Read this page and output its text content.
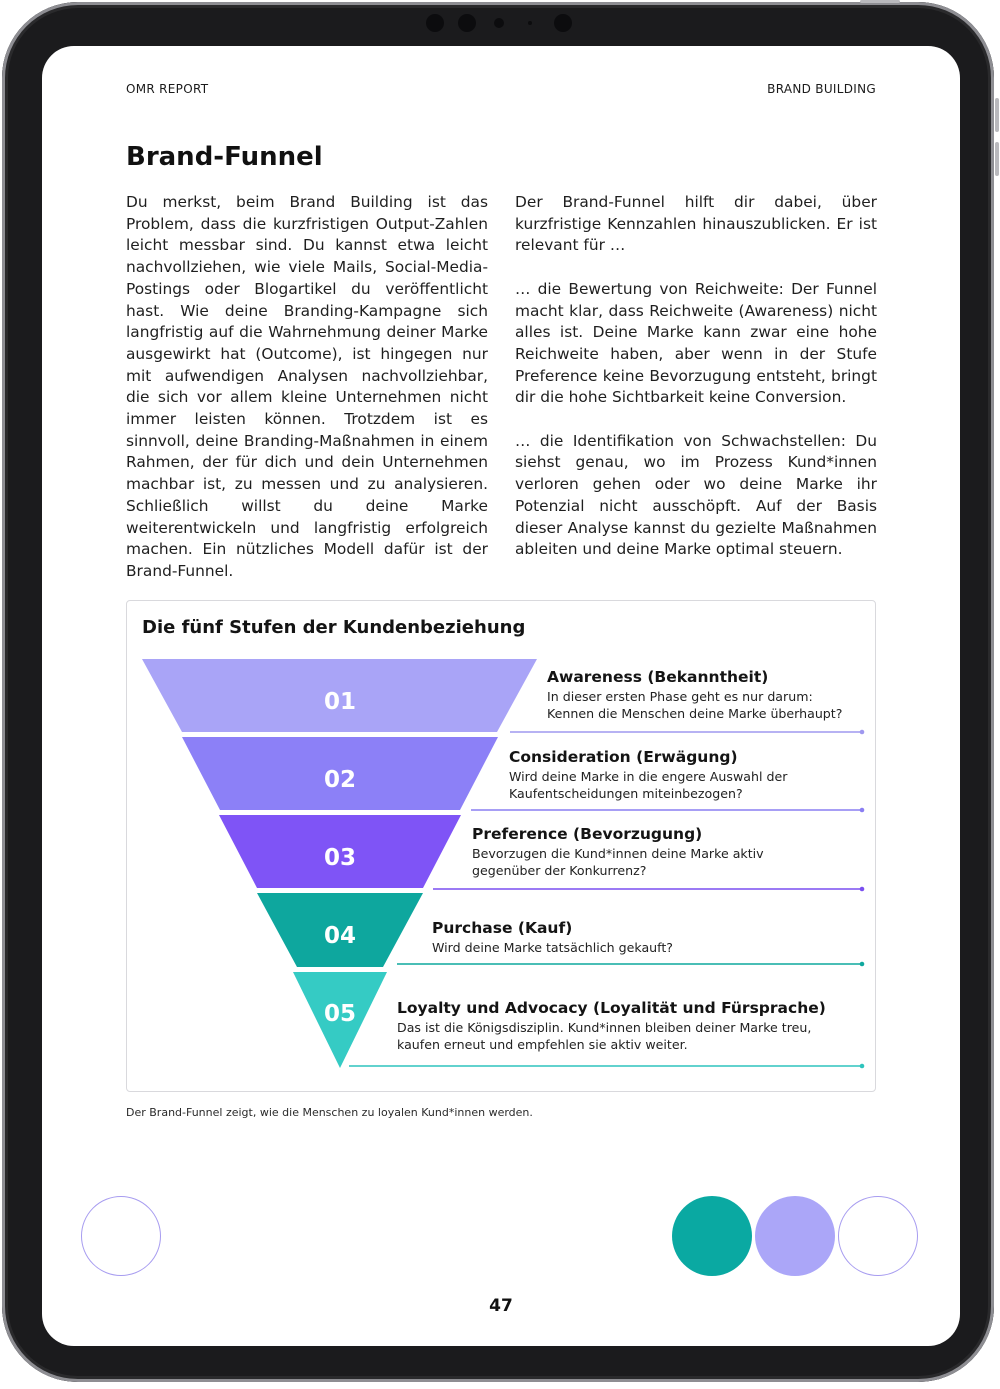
OMR REPORT	BRAND BUILDING
Brand-Funnel

Du merkst, beim Brand Building ist das Problem, dass die kurzfristigen Output-Zahlen leicht messbar sind. Du kannst etwa leicht nachvollziehen, wie viele Mails, Social-Media-Postings oder Blogartikel du veröffentlicht hast. Wie deine Branding-Kampagne sich langfristig auf die Wahrnehmung deiner Marke ausgewirkt hat (Outcome), ist hingegen nur mit aufwendigen Analysen nachvollziehbar, die sich vor allem kleine Unternehmen nicht immer leisten können. Trotzdem ist es sinnvoll, deine Branding-Maßnahmen in einem Rahmen, der für dich und dein Unternehmen machbar ist, zu messen und zu analysieren. Schließlich willst du deine Marke weiterentwickeln und langfristig erfolgreich machen. Ein nützliches Modell dafür ist der Brand-Funnel.

Der Brand-Funnel hilft dir dabei, über kurzfristige Kennzahlen hinauszublicken. Er ist relevant für …

… die Bewertung von Reichweite: Der Funnel macht klar, dass Reichweite (Awareness) nicht alles ist. Deine Marke kann zwar eine hohe Reichweite haben, aber wenn in der Stufe Preference keine Bevorzugung entsteht, bringt dir die hohe Sichtbarkeit keine Conversion.

… die Identifikation von Schwachstellen: Du siehst genau, wo im Prozess Kund*innen verloren gehen oder wo deine Marke ihr Potenzial nicht ausschöpft. Auf der Basis dieser Analyse kannst du gezielte Maßnahmen ableiten und deine Marke optimal steuern.

Die fünf Stufen der Kundenbeziehung
01
02
03
04
05
Awareness (Bekanntheit)
In dieser ersten Phase geht es nur darum:
Kennen die Menschen deine Marke überhaupt?
Consideration (Erwägung)
Wird deine Marke in die engere Auswahl der
Kaufentscheidungen miteinbezogen?
Preference (Bevorzugung)
Bevorzugen die Kund*innen deine Marke aktiv
gegenüber der Konkurrenz?
Purchase (Kauf)
Wird deine Marke tatsächlich gekauft?
Loyalty und Advocacy (Loyalität und Fürsprache)
Das ist die Königsdisziplin. Kund*innen bleiben deiner Marke treu,
kaufen erneut und empfehlen sie aktiv weiter.
Der Brand-Funnel zeigt, wie die Menschen zu loyalen Kund*innen werden.
47
